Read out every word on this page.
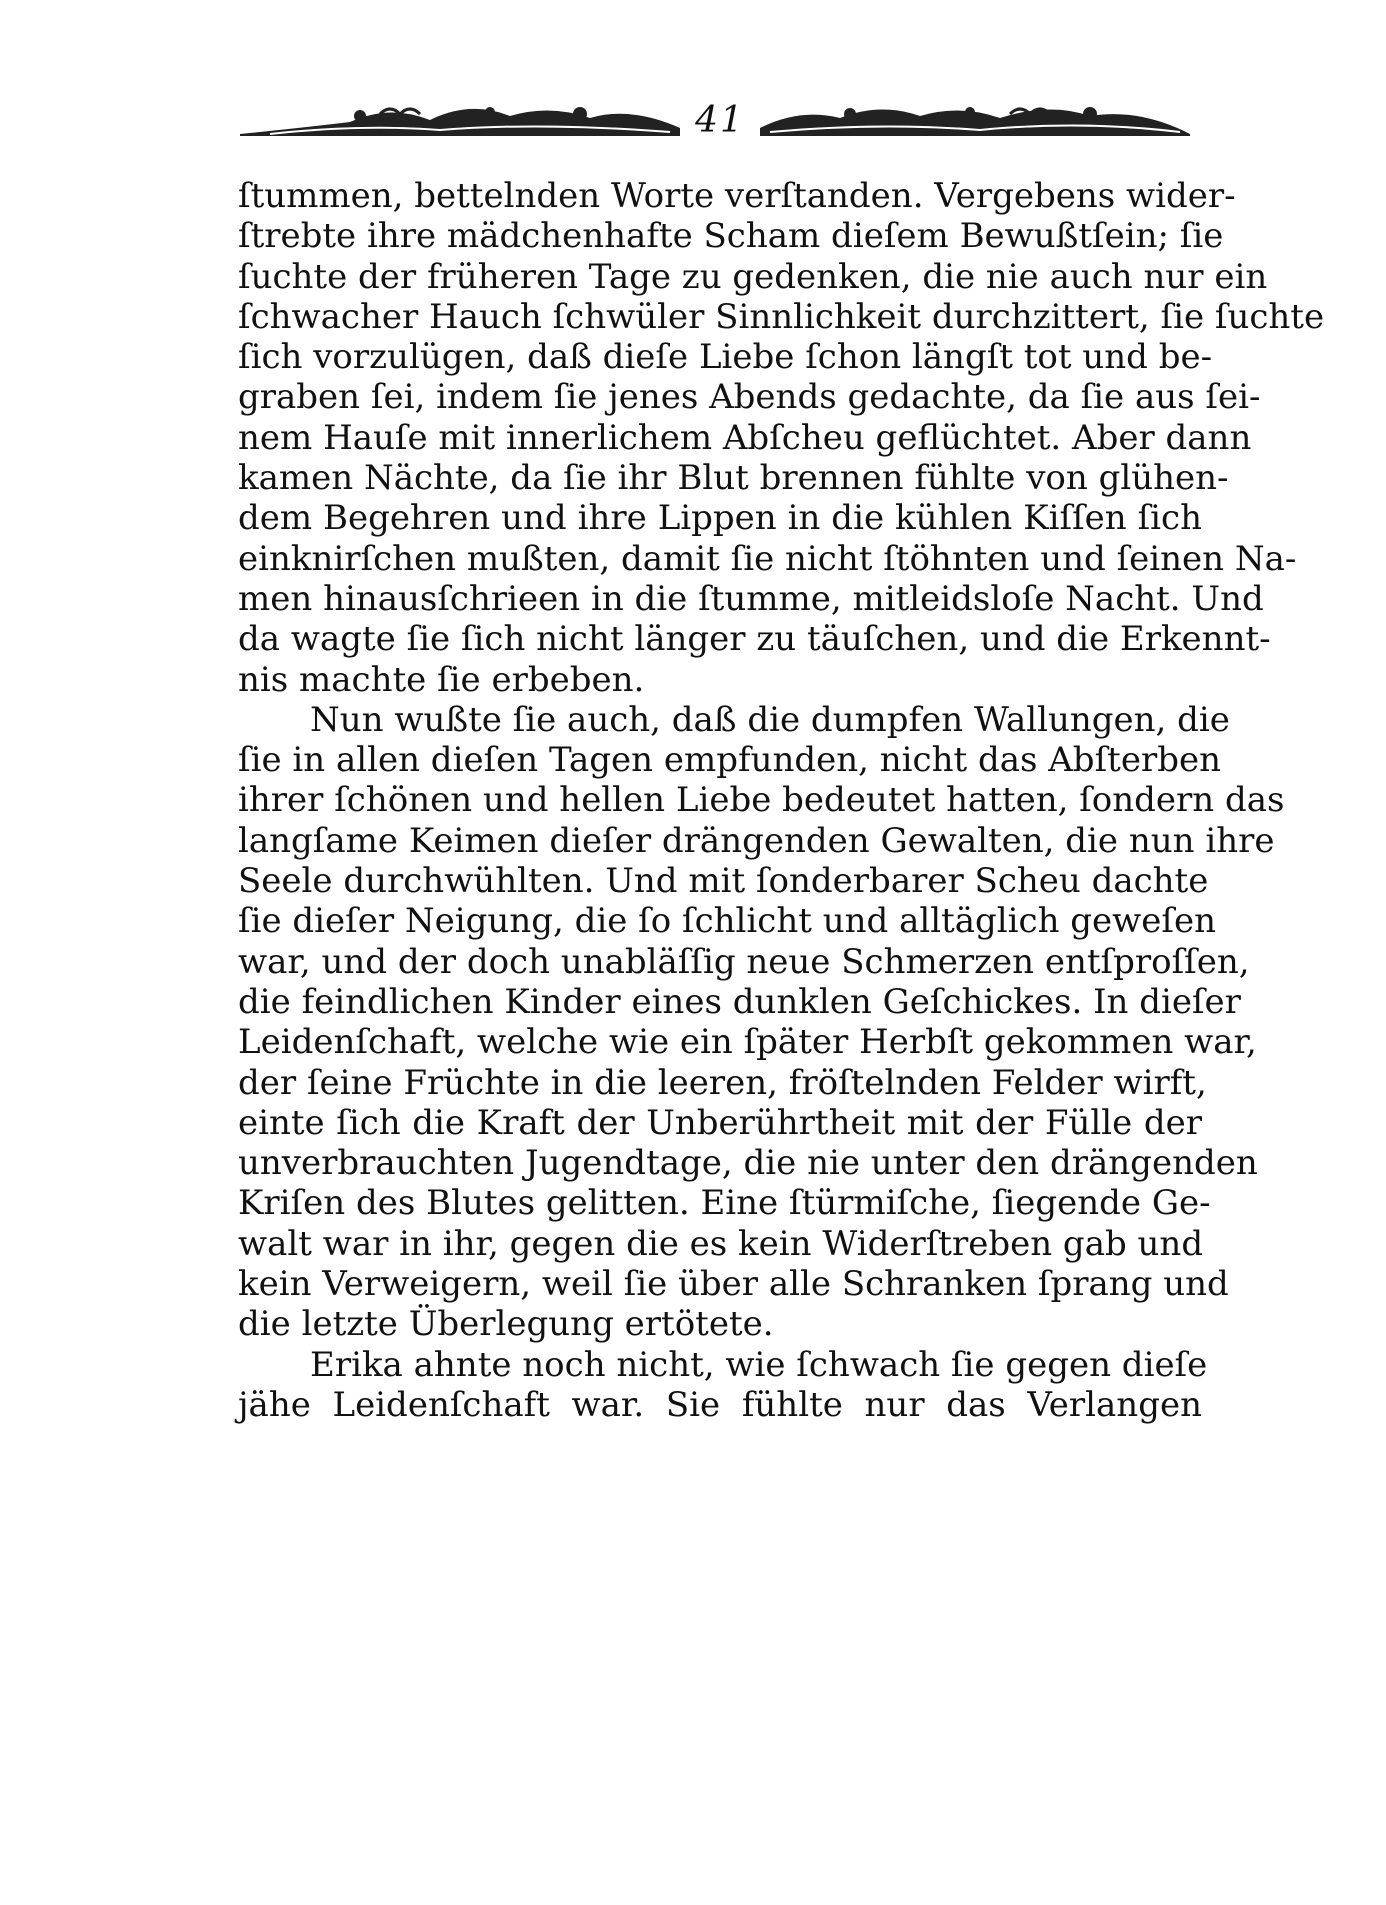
41
ſtummen, bettelnden Worte verſtanden. Vergebens wider-
ſtrebte ihre mädchenhafte Scham dieſem Bewußtſein; ſie
ſuchte der früheren Tage zu gedenken, die nie auch nur ein
ſchwacher Hauch ſchwüler Sinnlichkeit durchzittert, ſie ſuchte
ſich vorzulügen, daß dieſe Liebe ſchon längſt tot und be-
graben ſei, indem ſie jenes Abends gedachte, da ſie aus ſei-
nem Hauſe mit innerlichem Abſcheu geflüchtet. Aber dann
kamen Nächte, da ſie ihr Blut brennen fühlte von glühen-
dem Begehren und ihre Lippen in die kühlen Kiſſen ſich
einknirſchen mußten, damit ſie nicht ſtöhnten und ſeinen Na-
men hinausſchrieen in die ſtumme, mitleidsloſe Nacht. Und
da wagte ſie ſich nicht länger zu täuſchen, und die Erkennt-
nis machte ſie erbeben.
Nun wußte ſie auch, daß die dumpfen Wallungen, die
ſie in allen dieſen Tagen empfunden, nicht das Abſterben
ihrer ſchönen und hellen Liebe bedeutet hatten, ſondern das
langſame Keimen dieſer drängenden Gewalten, die nun ihre
Seele durchwühlten. Und mit ſonderbarer Scheu dachte
ſie dieſer Neigung, die ſo ſchlicht und alltäglich geweſen
war, und der doch unabläſſig neue Schmerzen entſproſſen,
die feindlichen Kinder eines dunklen Geſchickes. In dieſer
Leidenſchaft, welche wie ein ſpäter Herbſt gekommen war,
der ſeine Früchte in die leeren, fröſtelnden Felder wirft,
einte ſich die Kraft der Unberührtheit mit der Fülle der
unverbrauchten Jugendtage, die nie unter den drängenden
Kriſen des Blutes gelitten. Eine ſtürmiſche, ſiegende Ge-
walt war in ihr, gegen die es kein Widerſtreben gab und
kein Verweigern, weil ſie über alle Schranken ſprang und
die letzte Überlegung ertötete.
Erika ahnte noch nicht, wie ſchwach ſie gegen dieſe
jähe Leidenſchaft war. Sie fühlte nur das Verlangen
